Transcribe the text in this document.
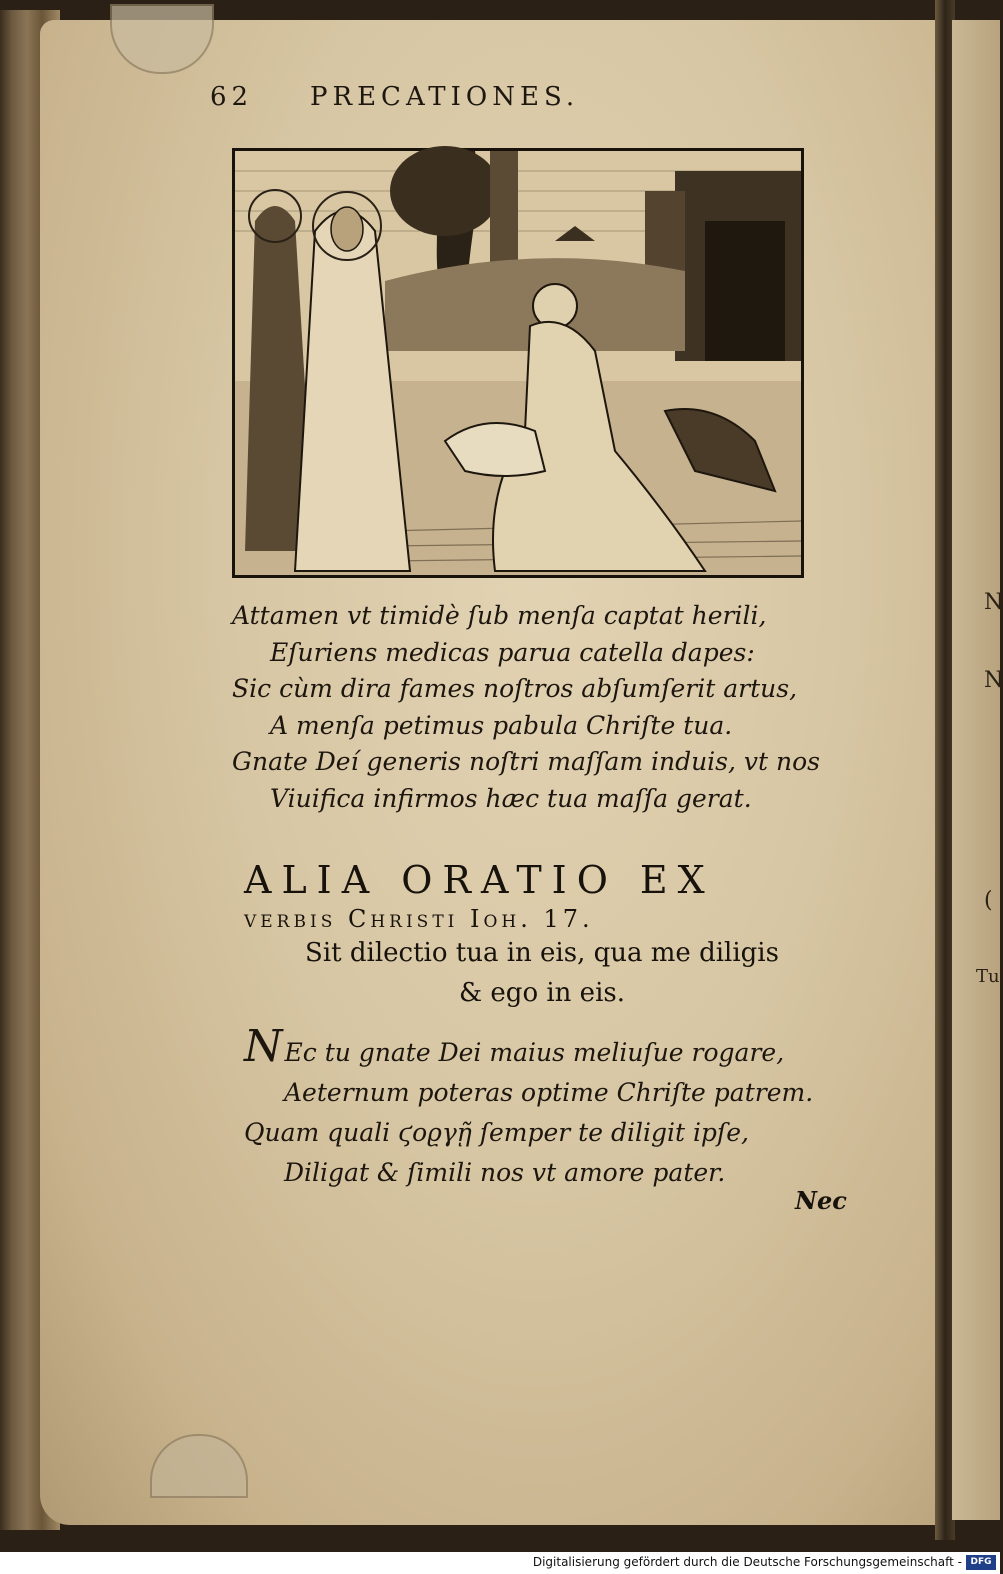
62 PRECATIONES.
Attamen vt timidè ſub menſa captat herili,
Eſuriens medicas parua catella dapes:
Sic cùm dira fames noſtros abſumſerit artus,
A menſa petimus pabula Chriſte tua.
Gnate Deí generis noſtri maſſam induis, vt nos
Viuifica infirmos hæc tua maſſa gerat.
ALIA ORATIO EX
verbis Christi Ioh. 17.
Sit dilectio tua in eis, qua me diligis
& ego in eis.
NEc tu gnate Dei maius meliuſue rogare,
Aeternum poteras optime Chriſte patrem.
Quam quali ϛοϱγῇ ſemper te diligit ipſe,
Diligat & ſimili nos vt amore pater.
Nec
N
N
(
Tu
Digitalisierung gefördert durch die Deutsche Forschungsgemeinschaft - DFG
